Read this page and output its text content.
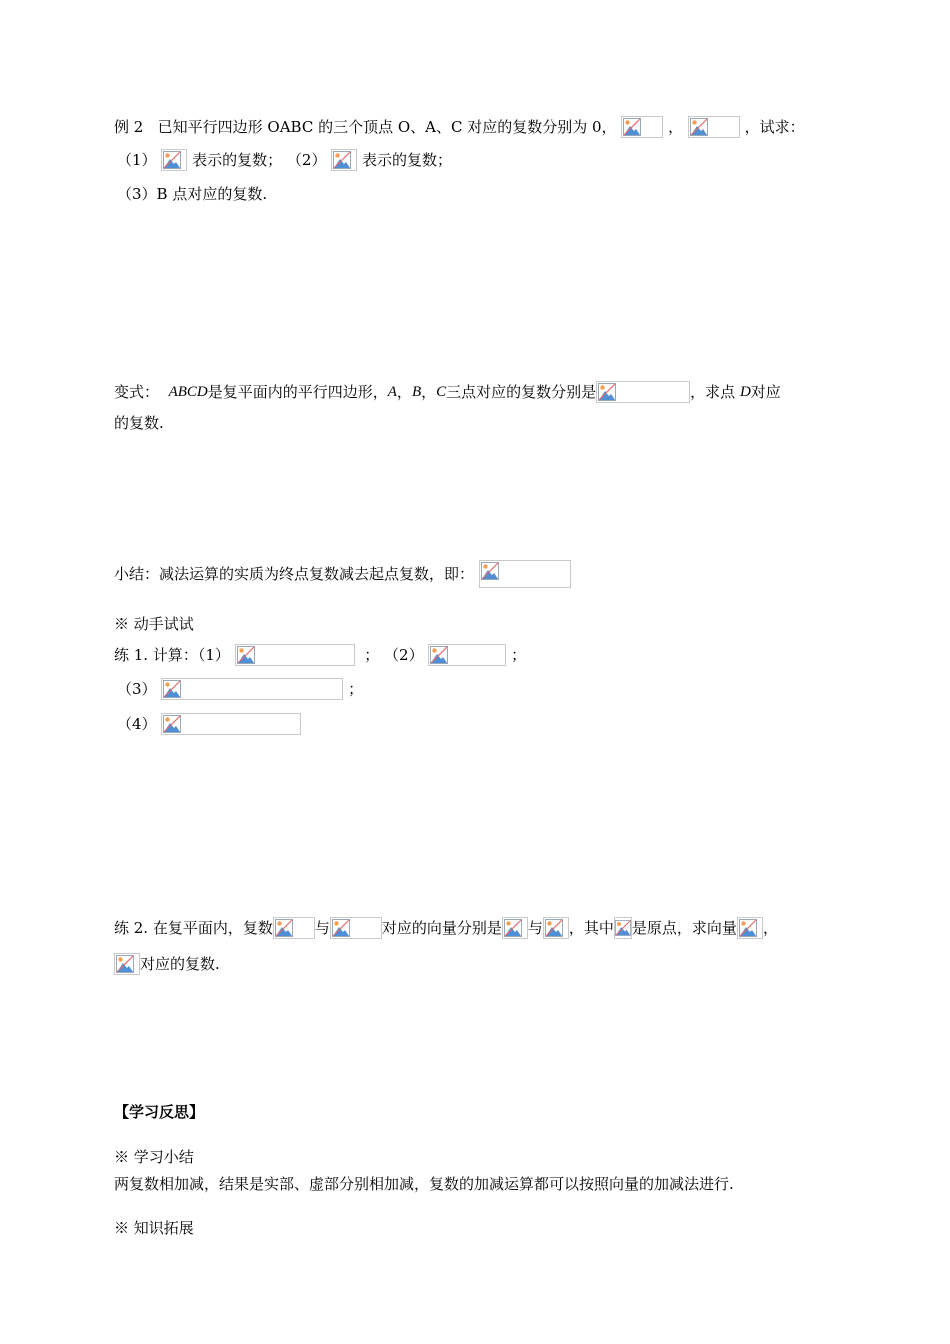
例 2 已知平行四边形 OABC 的三个顶点 O、A、C 对应的复数分别为 0，	，	，试求：
（1） 表示的复数； （2） 表示的复数；
（3）B 点对应的复数.
变式： ABCD是复平面内的平行四边形，A，B，C三点对应的复数分别是	，求点 D对应
的复数.
小结：减法运算的实质为终点复数减去起点复数，即：
※ 动手试试
练 1. 计算：（1）	； （2）	；
（3）	；
（4）
练 2. 在复平面内，复数	与	对应的向量分别是 与 ，其中 是原点，求向量 ，
对应的复数.
【学习反思】
※ 学习小结
两复数相加减，结果是实部、虚部分别相加减，复数的加减运算都可以按照向量的加减法进行.
※ 知识拓展
